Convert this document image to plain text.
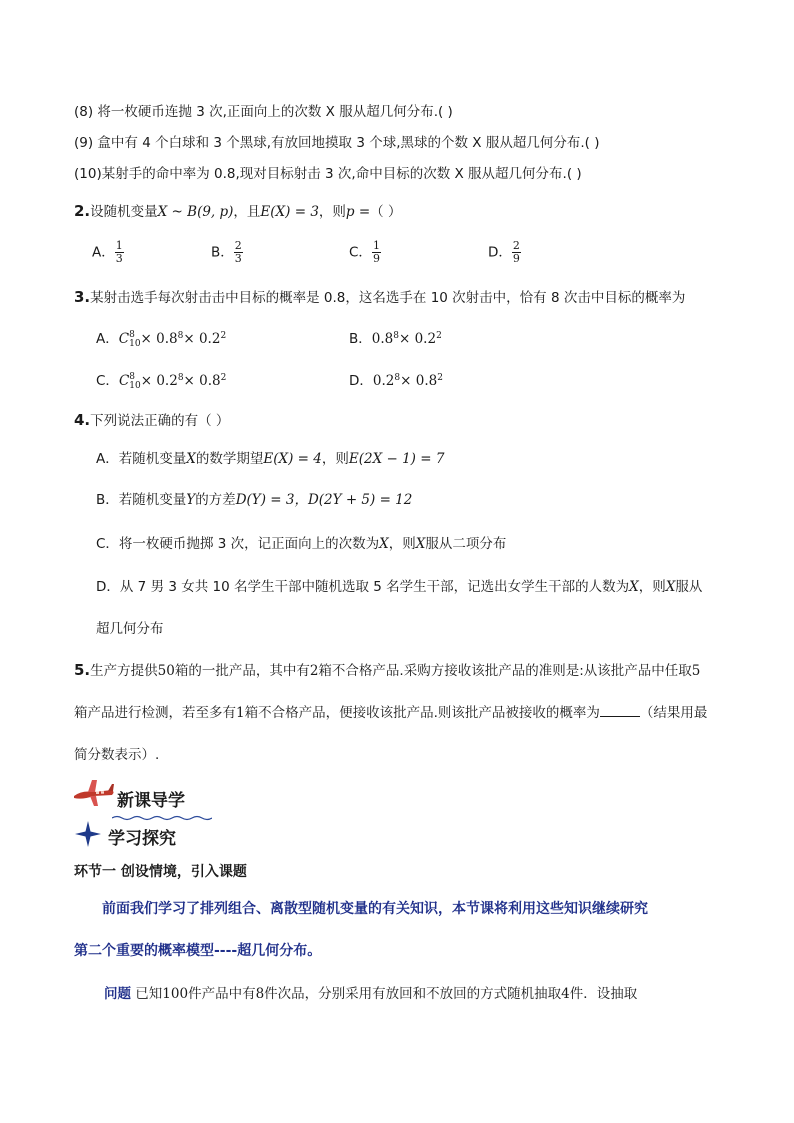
(8) 将一枚硬币连抛 3 次,正面向上的次数 X 服从超几何分布.( )
(9) 盒中有 4 个白球和 3 个黑球,有放回地摸取 3 个球,黑球的个数 X 服从超几何分布.( )
(10)某射手的命中率为 0.8,现对目标射击 3 次,命中目标的次数 X 服从超几何分布.( )
2.设随机变量X ~ B(9, p)，且E(X) = 3，则p =（ ）
A． $\frac{1}{3}$	B． $\frac{2}{3}$	C． $\frac{1}{9}$	D． $\frac{2}{9}$
3.某射击选手每次射击击中目标的概率是 0.8，这名选手在 10 次射击中，恰有 8 次击中目标的概率为
A．C 8
$10 \times 0.8^8\times 0.2^2$	B．$0.8^8\times 0.2^2$
C．C 8
$10 \times 0.2^8\times 0.8^2$	D．$0.2^8\times 0.8^2$
4.下列说法正确的有（ ）
A．若随机变量X的数学期望E(X) = 4，则E(2X − 1) = 7
B．若随机变量Y的方差D(Y) = 3，D(2Y + 5) = 12
C．将一枚硬币抛掷 3 次，记正面向上的次数为X，则X服从二项分布
D．从 7 男 3 女共 10 名学生干部中随机选取 5 名学生干部，记选出女学生干部的人数为X，则X服从
超几何分布
5.生产方提供50箱的一批产品，其中有2箱不合格产品.采购方接收该批产品的准则是:从该批产品中任取5
箱产品进行检测，若至多有1箱不合格产品，便接收该批产品.则该批产品被接收的概率为	（结果用最
简分数表示）.
新课导学
学习探究
环节一 创设情境，引入课题
前面我们学习了排列组合、离散型随机变量的有关知识，本节课将利用这些知识继续研究
第二个重要的概率模型----超几何分布。
问题 已知100件产品中有8件次品，分别采用有放回和不放回的方式随机抽取4件．设抽取
